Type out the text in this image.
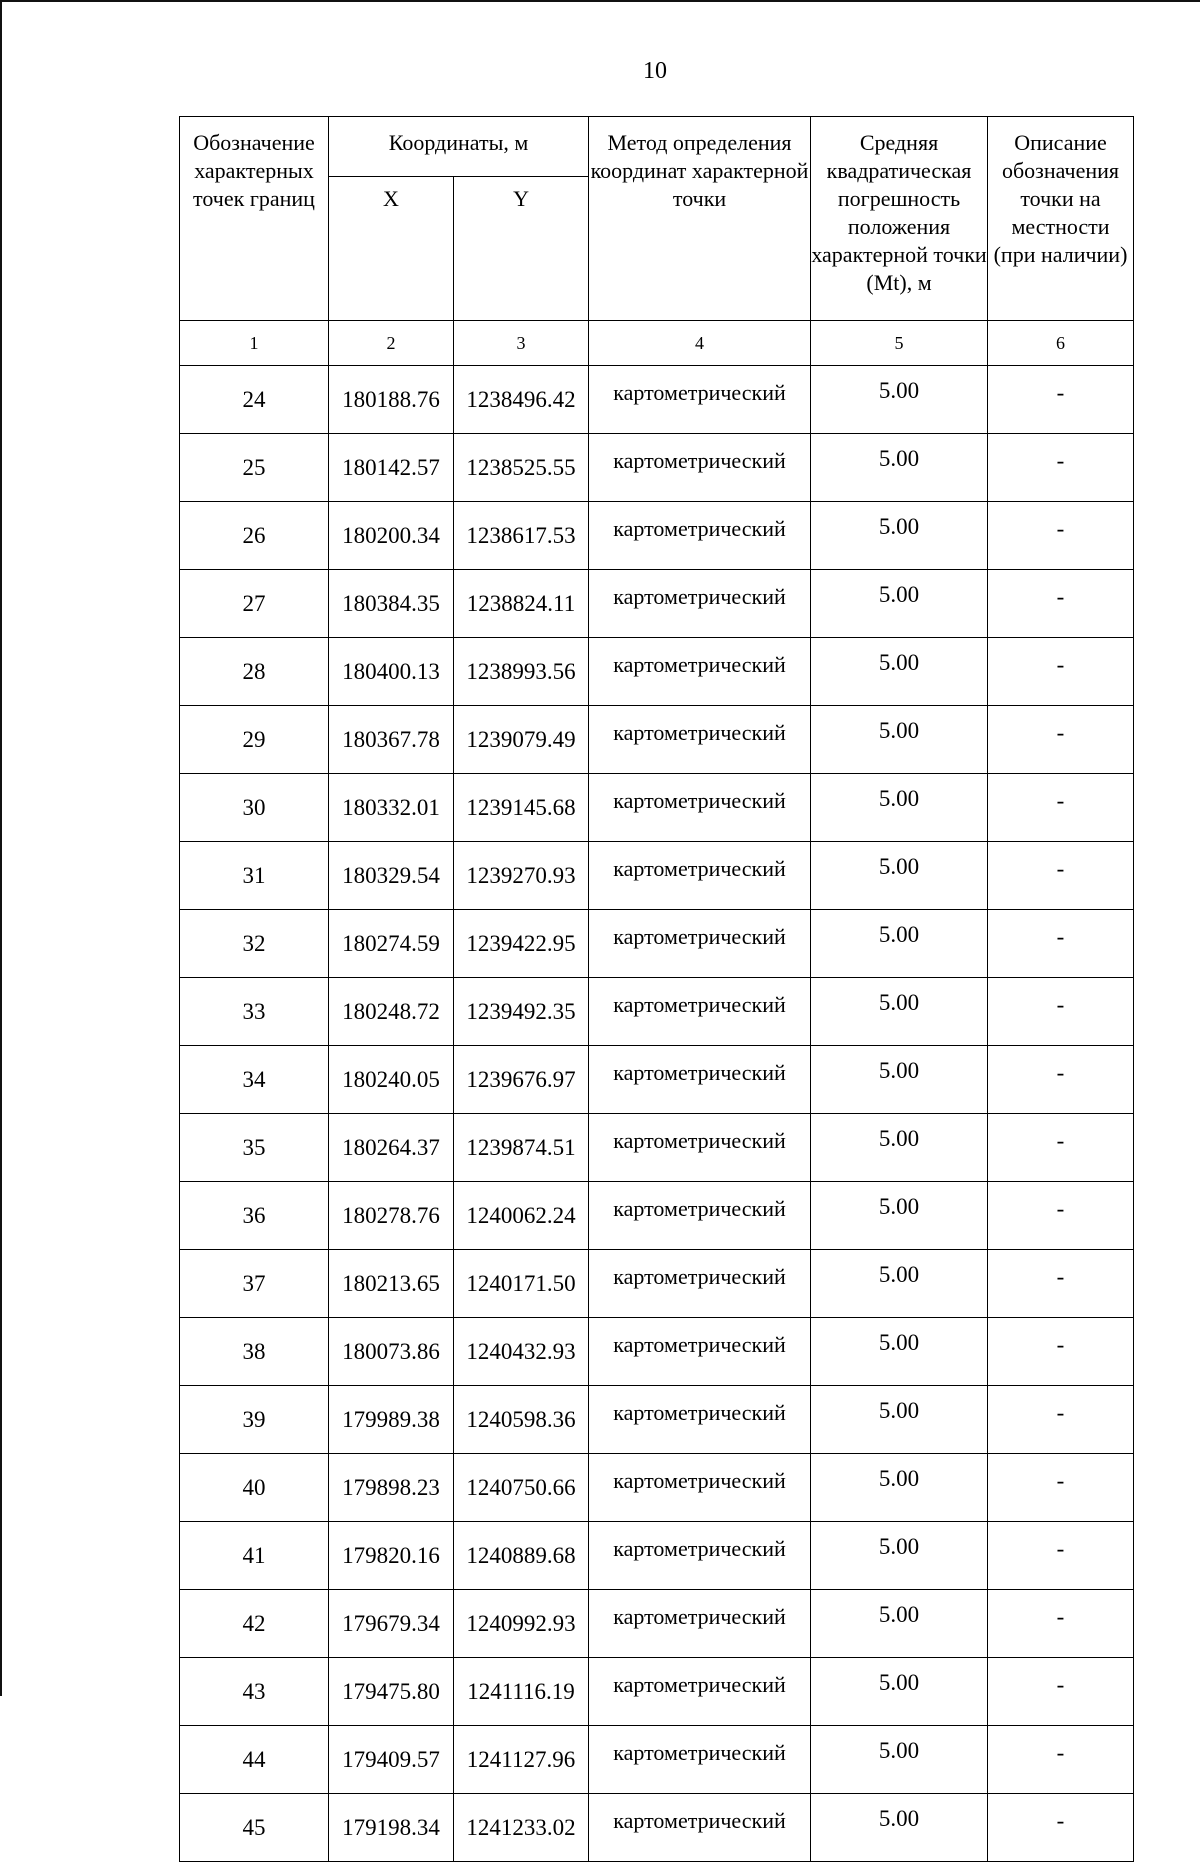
10
Обозначение характерных точек границ	Координаты, м		Метод определения координат характерной точки	Средняя квадратическая погрешность положения характерной точки (Mt), м	Описание обозначения точки на местности (при наличии)
	X	Y			
1	2	3	4	5	6
24	180188.76	1238496.42	картометрический	5.00	-
25	180142.57	1238525.55	картометрический	5.00	-
26	180200.34	1238617.53	картометрический	5.00	-
27	180384.35	1238824.11	картометрический	5.00	-
28	180400.13	1238993.56	картометрический	5.00	-
29	180367.78	1239079.49	картометрический	5.00	-
30	180332.01	1239145.68	картометрический	5.00	-
31	180329.54	1239270.93	картометрический	5.00	-
32	180274.59	1239422.95	картометрический	5.00	-
33	180248.72	1239492.35	картометрический	5.00	-
34	180240.05	1239676.97	картометрический	5.00	-
35	180264.37	1239874.51	картометрический	5.00	-
36	180278.76	1240062.24	картометрический	5.00	-
37	180213.65	1240171.50	картометрический	5.00	-
38	180073.86	1240432.93	картометрический	5.00	-
39	179989.38	1240598.36	картометрический	5.00	-
40	179898.23	1240750.66	картометрический	5.00	-
41	179820.16	1240889.68	картометрический	5.00	-
42	179679.34	1240992.93	картометрический	5.00	-
43	179475.80	1241116.19	картометрический	5.00	-
44	179409.57	1241127.96	картометрический	5.00	-
45	179198.34	1241233.02	картометрический	5.00	-
